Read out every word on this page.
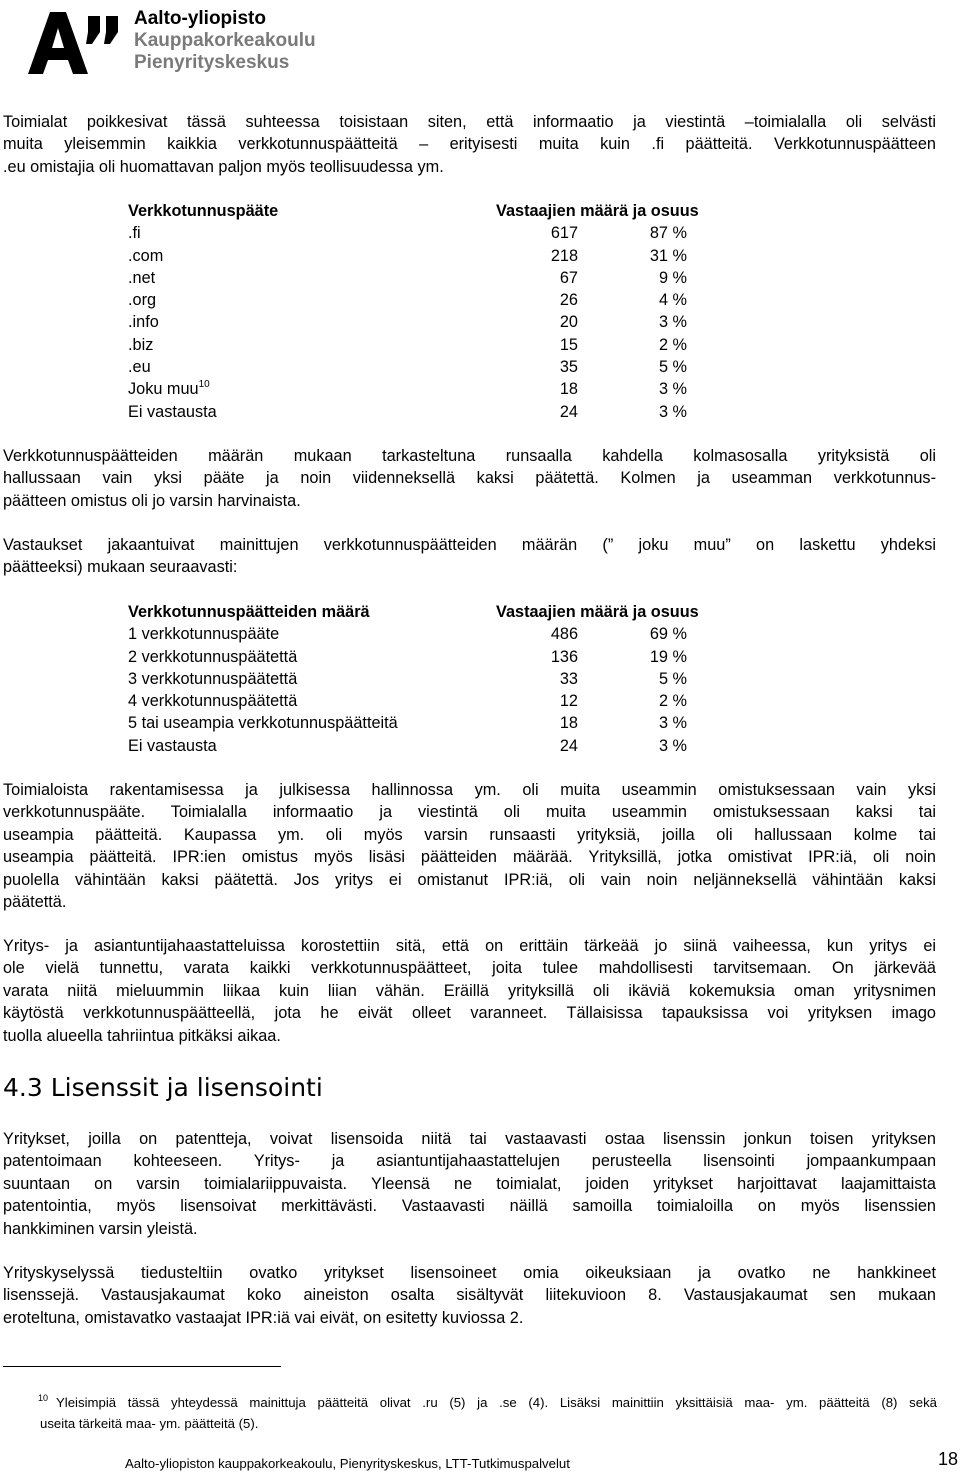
Aalto-yliopisto
Kauppakorkeakoulu
Pienyrityskeskus
Toimialat poikkesivat tässä suhteessa toisistaan siten, että informaatio ja viestintä –toimialalla oli selvästi
muita yleisemmin kaikkia verkkotunnuspäätteitä – erityisesti muita kuin .fi päätteitä. Verkkotunnuspäätteen
.eu omistajia oli huomattavan paljon myös teollisuudessa ym.
Verkkotunnuspääte	Vastaajien määrä ja osuus
.fi	617	87 %
.com	218	31 %
.net	67	9 %
.org	26	4 %
.info	20	3 %
.biz	15	2 %
.eu	35	5 %
Joku muu$^{10}$	18	3 %
Ei vastausta	24	3 %
Verkkotunnuspäätteiden määrän mukaan tarkasteltuna runsaalla kahdella kolmasosalla yrityksistä oli
hallussaan vain yksi pääte ja noin viidenneksellä kaksi päätettä. Kolmen ja useamman verkkotunnus-
päätteen omistus oli jo varsin harvinaista.
Vastaukset jakaantuivat mainittujen verkkotunnuspäätteiden määrän (” joku muu” on laskettu yhdeksi
päätteeksi) mukaan seuraavasti:
Verkkotunnuspäätteiden määrä	Vastaajien määrä ja osuus
1 verkkotunnuspääte	486	69 %
2 verkkotunnuspäätettä	136	19 %
3 verkkotunnuspäätettä	33	5 %
4 verkkotunnuspäätettä	12	2 %
5 tai useampia verkkotunnuspäätteitä	18	3 %
Ei vastausta	24	3 %
Toimialoista rakentamisessa ja julkisessa hallinnossa ym. oli muita useammin omistuksessaan vain yksi
verkkotunnuspääte. Toimialalla informaatio ja viestintä oli muita useammin omistuksessaan kaksi tai
useampia päätteitä. Kaupassa ym. oli myös varsin runsaasti yrityksiä, joilla oli hallussaan kolme tai
useampia päätteitä. IPR:ien omistus myös lisäsi päätteiden määrää. Yrityksillä, jotka omistivat IPR:iä, oli noin
puolella vähintään kaksi päätettä. Jos yritys ei omistanut IPR:iä, oli vain noin neljänneksellä vähintään kaksi
päätettä.
Yritys- ja asiantuntijahaastatteluissa korostettiin sitä, että on erittäin tärkeää jo siinä vaiheessa, kun yritys ei
ole vielä tunnettu, varata kaikki verkkotunnuspäätteet, joita tulee mahdollisesti tarvitsemaan. On järkevää
varata niitä mieluummin liikaa kuin liian vähän. Eräillä yrityksillä oli ikäviä kokemuksia oman yritysnimen
käytöstä verkkotunnuspäätteellä, jota he eivät olleet varanneet. Tällaisissa tapauksissa voi yrityksen imago
tuolla alueella tahriintua pitkäksi aikaa.
4.3 Lisenssit ja lisensointi
Yritykset, joilla on patentteja, voivat lisensoida niitä tai vastaavasti ostaa lisenssin jonkun toisen yrityksen
patentoimaan kohteeseen. Yritys- ja asiantuntijahaastattelujen perusteella lisensointi jompaankumpaan
suuntaan on varsin toimialariippuvaista. Yleensä ne toimialat, joiden yritykset harjoittavat laajamittaista
patentointia, myös lisensoivat merkittävästi. Vastaavasti näillä samoilla toimialoilla on myös lisenssien
hankkiminen varsin yleistä.
Yrityskyselyssä tiedusteltiin ovatko yritykset lisensoineet omia oikeuksiaan ja ovatko ne hankkineet
lisenssejä. Vastausjakaumat koko aineiston osalta sisältyvät liitekuvioon 8. Vastausjakaumat sen mukaan
eroteltuna, omistavatko vastaajat IPR:iä vai eivät, on esitetty kuviossa 2.
10 Yleisimpiä tässä yhteydessä mainittuja päätteitä olivat .ru (5) ja .se (4). Lisäksi mainittiin yksittäisiä maa- ym. päätteitä (8) sekä
useita tärkeitä maa- ym. päätteitä (5).
Aalto-yliopiston kauppakorkeakoulu, Pienyrityskeskus, LTT-Tutkimuspalvelut	18
